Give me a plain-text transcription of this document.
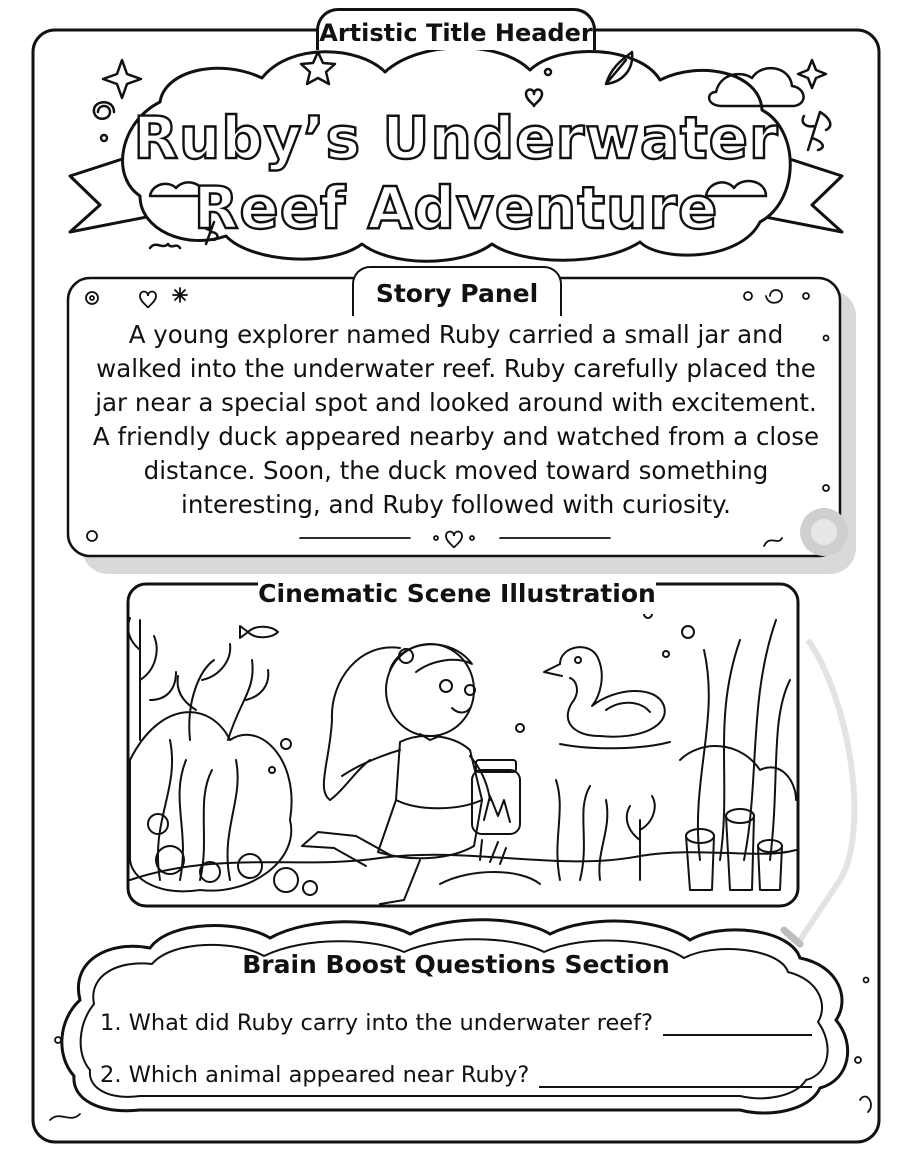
Ruby’s Underwater
Reef Adventure
Artistic Title Header
Story Panel
A young explorer named Ruby carried a small jar and walked into the underwater reef. Ruby carefully placed the jar near a special spot and looked around with excitement. A friendly duck appeared nearby and watched from a close distance. Soon, the duck moved toward something interesting, and Ruby followed with curiosity.
Cinematic Scene Illustration
Brain Boost Questions Section
1. What did Ruby carry into the underwater reef?
2. Which animal appeared near Ruby?
